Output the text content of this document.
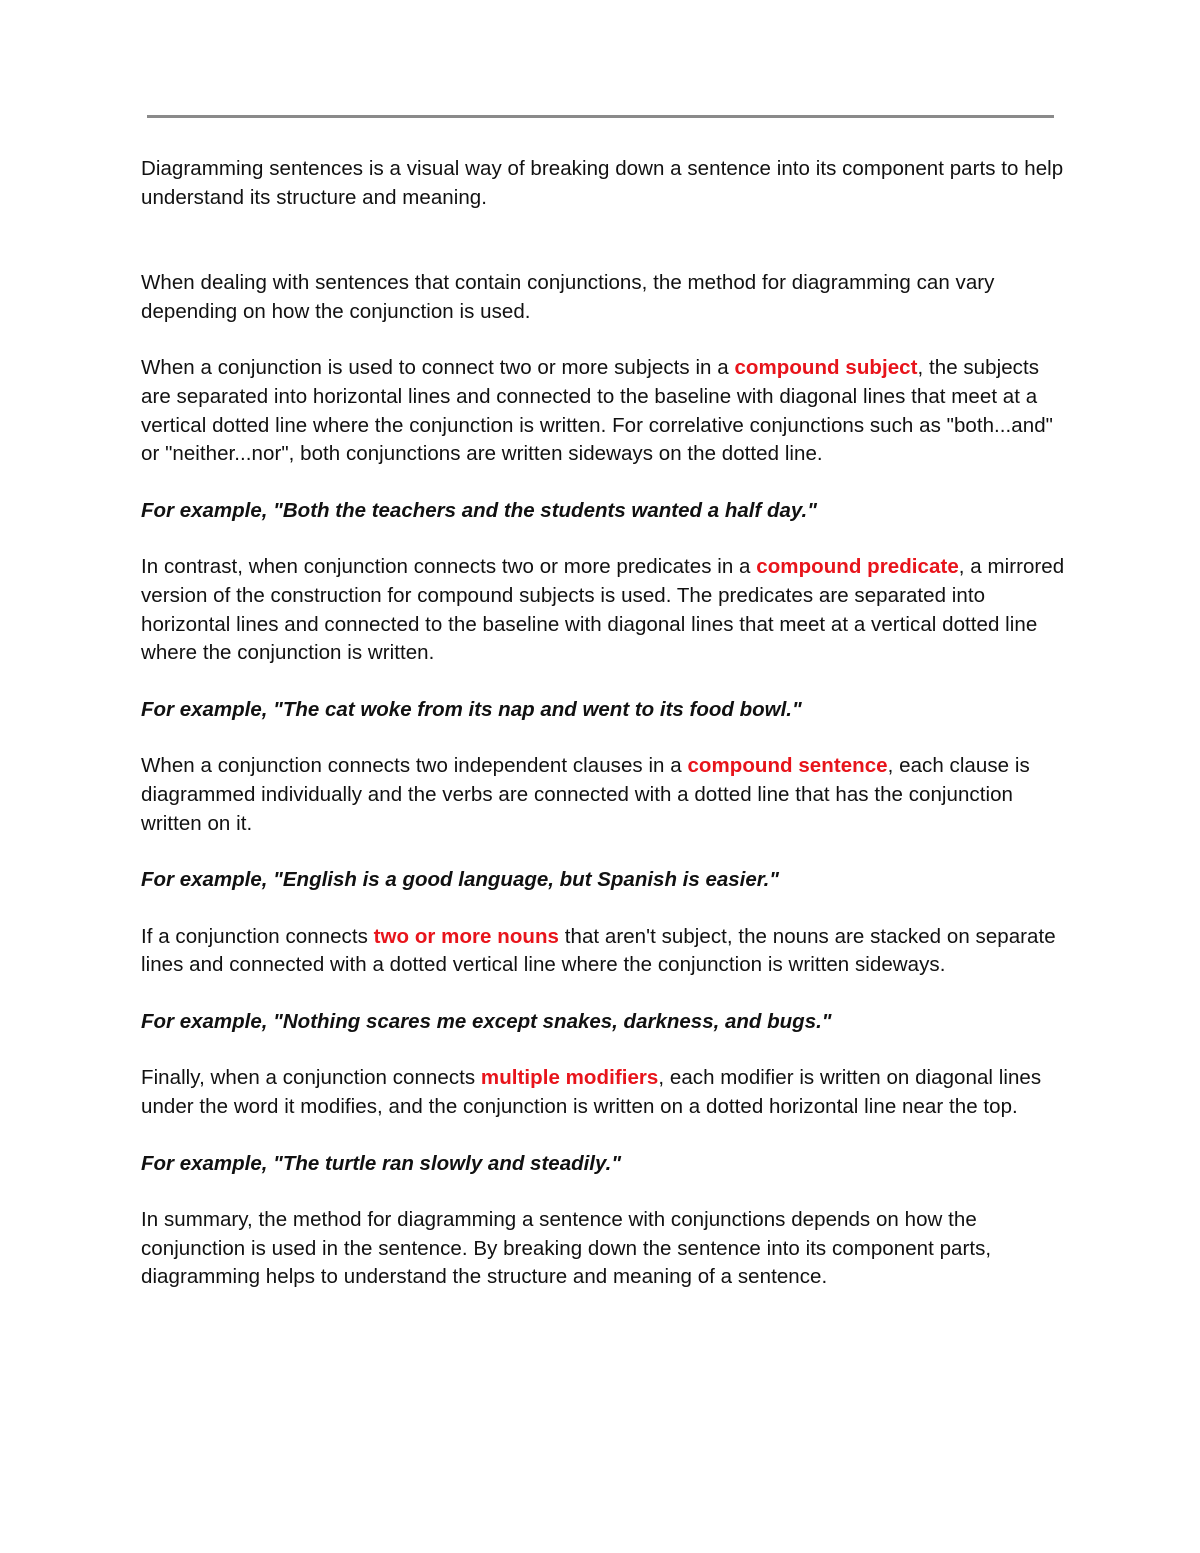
Diagramming sentences is a visual way of breaking down a sentence into its component parts to help understand its structure and meaning.

When dealing with sentences that contain conjunctions, the method for diagramming can vary depending on how the conjunction is used.

When a conjunction is used to connect two or more subjects in a compound subject, the subjects are separated into horizontal lines and connected to the baseline with diagonal lines that meet at a vertical dotted line where the conjunction is written. For correlative conjunctions such as "both...and" or "neither...nor", both conjunctions are written sideways on the dotted line.

For example, "Both the teachers and the students wanted a half day."

In contrast, when conjunction connects two or more predicates in a compound predicate, a mirrored version of the construction for compound subjects is used. The predicates are separated into horizontal lines and connected to the baseline with diagonal lines that meet at a vertical dotted line where the conjunction is written.

For example, "The cat woke from its nap and went to its food bowl."

When a conjunction connects two independent clauses in a compound sentence, each clause is diagrammed individually and the verbs are connected with a dotted line that has the conjunction written on it.

For example, "English is a good language, but Spanish is easier."

If a conjunction connects two or more nouns that aren't subject, the nouns are stacked on separate lines and connected with a dotted vertical line where the conjunction is written sideways.

For example, "Nothing scares me except snakes, darkness, and bugs."

Finally, when a conjunction connects multiple modifiers, each modifier is written on diagonal lines under the word it modifies, and the conjunction is written on a dotted horizontal line near the top.

For example, "The turtle ran slowly and steadily."

In summary, the method for diagramming a sentence with conjunctions depends on how the conjunction is used in the sentence. By breaking down the sentence into its component parts, diagramming helps to understand the structure and meaning of a sentence.
